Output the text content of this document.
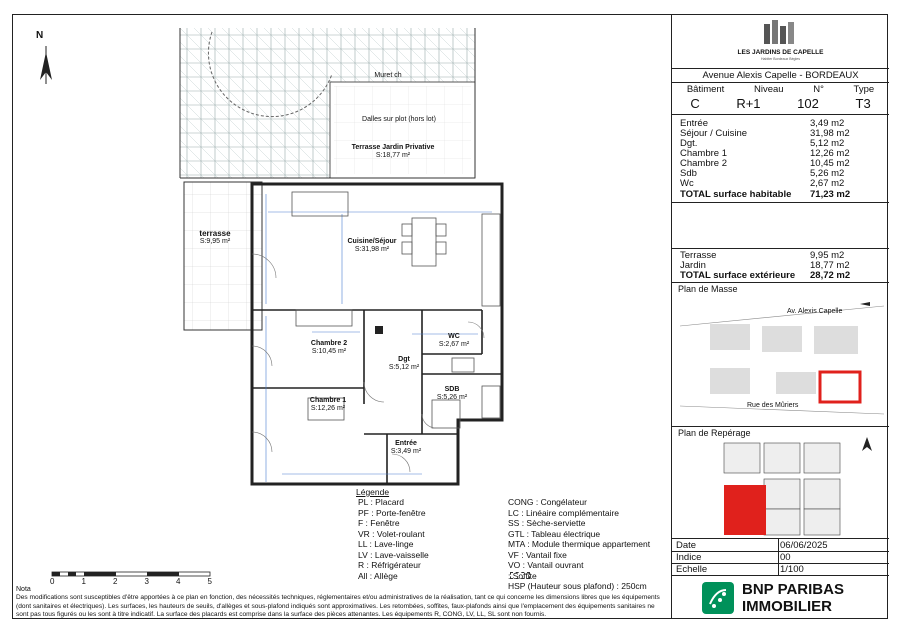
Dalles sur plot (hors lot)
Muret ch
Terrasse Jardin Privative
S:18,77 m²
terrasse
S:9,95 m²	Cuisine/Séjour
S:31,98 m²
Chambre 2
S:10,45 m²
Dgt
S:5,12 m²
WC
S:2,67 m²
SDB
S:5,26 m²
Chambre 1
S:12,26 m²
Entrée
S:3,49 m²
N
0	1	2	3	4	5
Légende
PL : Placard
PF : Porte-fenêtre
F : Fenêtre
VR : Volet-roulant
LL : Lave-linge
LV : Lave-vaisselle
R : Réfrigérateur
All : Allège
CONG : Congélateur
LC : Linéaire complémentaire
SS : Sèche-serviette
GTL : Tableau électrique
MTA : Module thermique appartement
VF : Vantail fixe
VO : Vantail ouvrant
: Soffite
HSP (Hauteur sous plafond) : 250cm
Nota
Des modifications sont susceptibles d'être apportées à ce plan en fonction, des nécessités techniques, réglementaires et/ou administratives de la réalisation, tant ce qui concerne les dimensions libres que les équipements (dont sanitaires et électriques). Les surfaces, les hauteurs de seuils, d'allèges et sous-plafond indiqués sont approximatives. Les retombées, soffites, faux-plafonds ainsi que l'emplacement des équipements sanitaires ne sont pas tous figurés ou les sont à titre indicatif. La surface des placards est comprise dans la surface des pièces attenantes. Les équipements R, CONG, LV, LL, SL sont non fournis.
LES JARDINS DE CAPELLE
Habiter Bordeaux Bègles
Avenue Alexis Capelle - BORDEAUX
Bâtiment	Niveau	N°	Type
C	R+1	102	T3
Entrée	3,49 m2
Séjour / Cuisine	31,98 m2
Dgt.	5,12 m2
Chambre 1	12,26 m2
Chambre 2	10,45 m2
Sdb	5,26 m2
Wc	2,67 m2
TOTAL surface habitable	71,23 m2
Terrasse	9,95 m2
Jardin	18,77 m2
TOTAL surface extérieure	28,72 m2
Plan de Masse
Av. Alexis Capelle
Rue des Mûriers
Plan de Repérage
Date	06/06/2025
Indice	00
Echelle	1/100
BNP PARIBAS
IMMOBILIER
